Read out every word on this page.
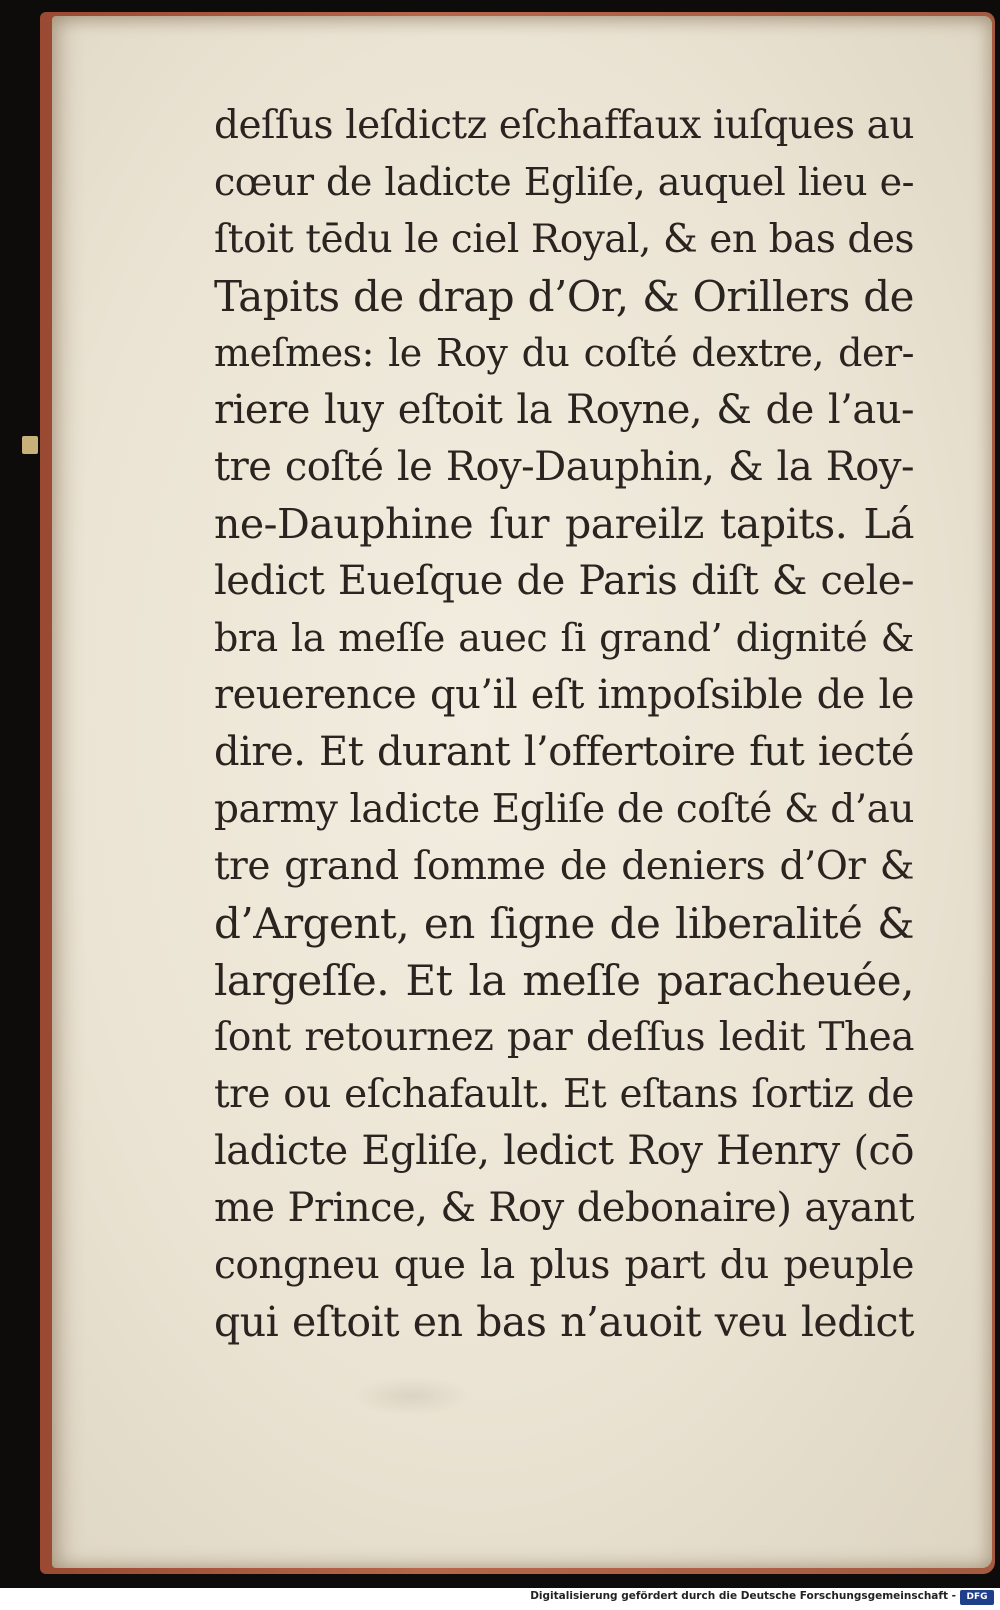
deſſus leſdictz eſchaffaux iuſques au
cœur de ladicte Egliſe, auquel lieu e-
ſtoit tēdu le ciel Royal, & en bas des
Tapits de drap d’Or, & Orillers de
meſmes: le Roy du coſté dextre, der-
riere luy eſtoit la Royne, & de l’au-
tre coſté le Roy-Dauphin, & la Roy-
ne-Dauphine ſur pareilz tapits. Lá
ledict Eueſque de Paris diſt & cele-
bra la meſſe auec ſi grand’ dignité &
reuerence qu’il eſt impoſsible de le
dire. Et durant l’offertoire fut iecté
parmy ladicte Egliſe de coſté & d’au
tre grand ſomme de deniers d’Or &
d’Argent, en ſigne de liberalité &
largeſſe. Et la meſſe paracheuée,
ſont retournez par deſſus ledit Thea
tre ou eſchafault. Et eſtans ſortiz de
ladicte Egliſe, ledict Roy Henry (cō
me Prince, & Roy debonaire) ayant
congneu que la plus part du peuple
qui eſtoit en bas n’auoit veu ledict
Digitalisierung gefördert durch die Deutsche Forschungsgemeinschaft -	DFG
